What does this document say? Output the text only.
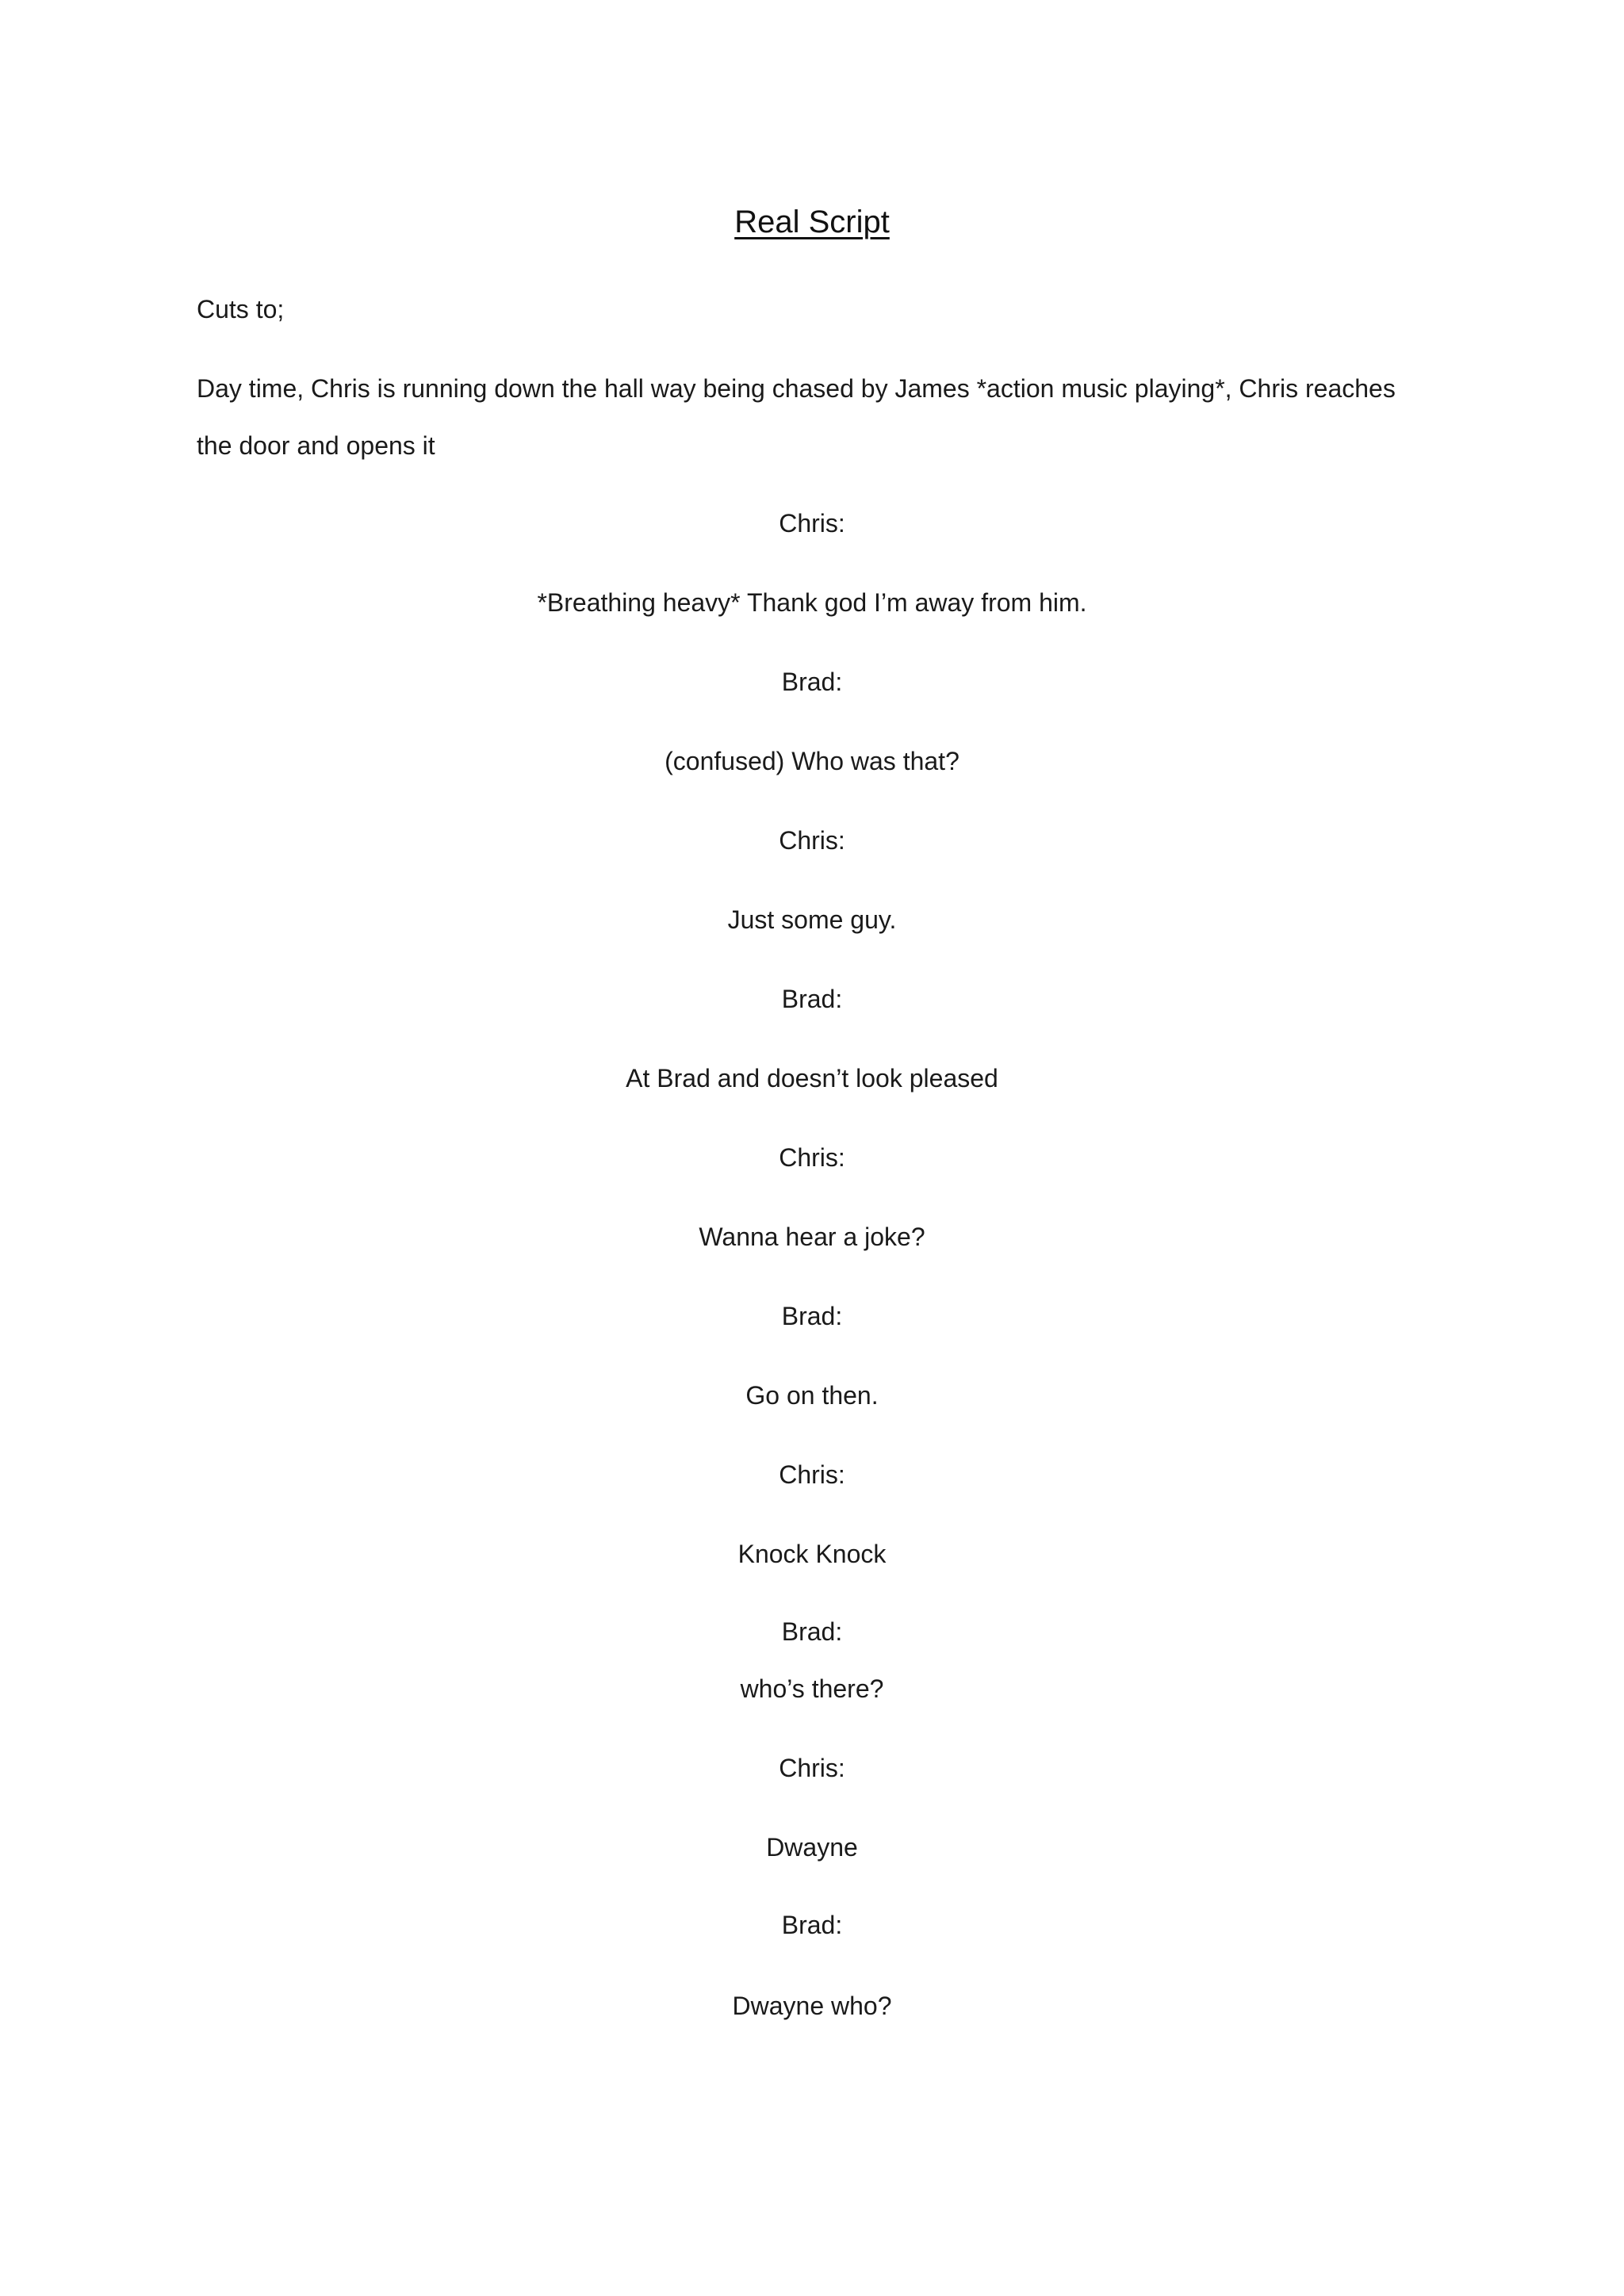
Real Script

Cuts to;

Day time, Chris is running down the hall way being chased by James *action music playing*, Chris reaches the door and opens it

Chris:

*Breathing heavy* Thank god I’m away from him.

Brad:

(confused) Who was that?

Chris:

Just some guy.

Brad:

At Brad and doesn’t look pleased

Chris:

Wanna hear a joke?

Brad:

Go on then.

Chris:

Knock Knock

Brad:

who’s there?

Chris:

Dwayne

Brad:

Dwayne who?
